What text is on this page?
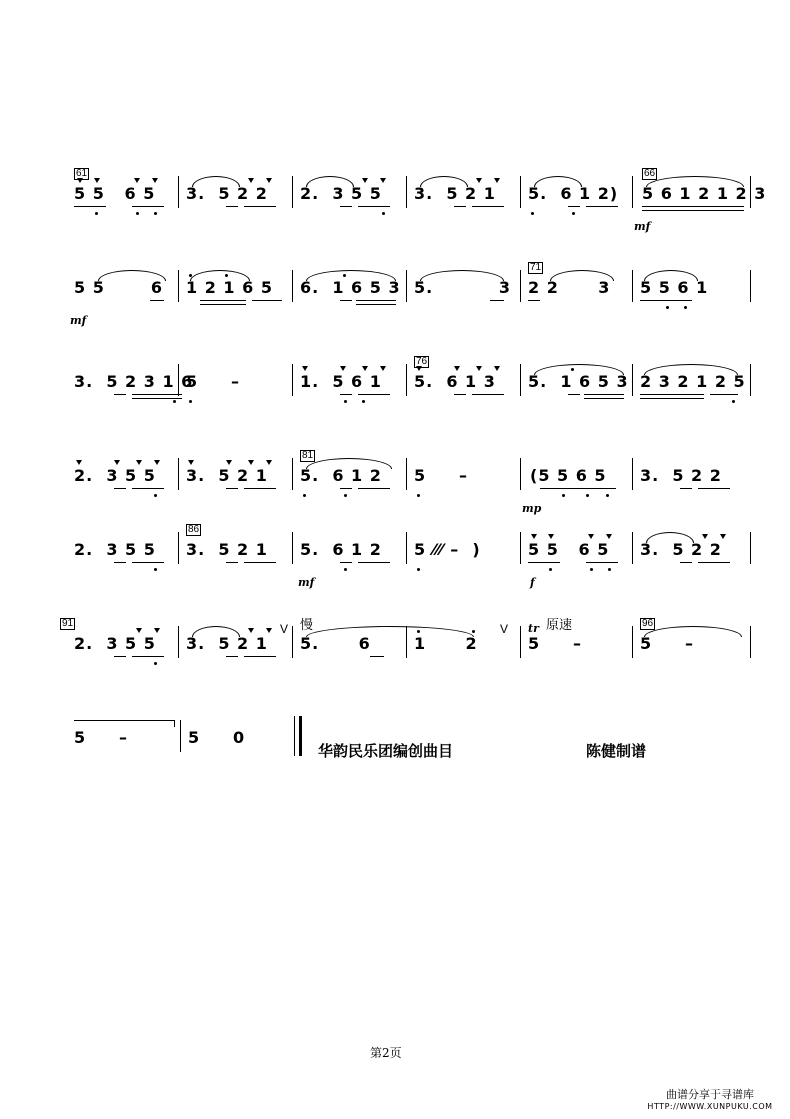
61
5 5   6 5 3.  5 2 2 2.  3 5 5 3.  5 2 1 5.  6 1 2)
66
5 6 1 2 1 2 3
mf
5 5       6
mf
1 2 1 6 5 6.  1 6 5 3 5.          3
71
2 2      3 5 5 6 1
3.  5 2 3 1 6
5     –	1.  5 6 1
76
5.  6 1 3 5.  1 6 5 3 2 3 2 1 2 5
2.  3 5 5 3.  5 2 1
81
5.  6 1 2 5     –	(5 5 6 5
mp
3.  5 2 2
2.  3 5 5
86
3.  5 2 1 5.  6 1 2
mf
5 ⁄⁄⁄ –  )	5 5   6 5
f
3.  5 2 2
91
2.  3 5 5 3.  5 2 1
V 慢
5.      6	1      2
V tr 原速
5     –
96
5     –
5     –	5     0
华韵民乐团编创曲目	陈健制谱
第2页
曲谱分享于寻谱库
HTTP://WWW.XUNPUKU.COM
